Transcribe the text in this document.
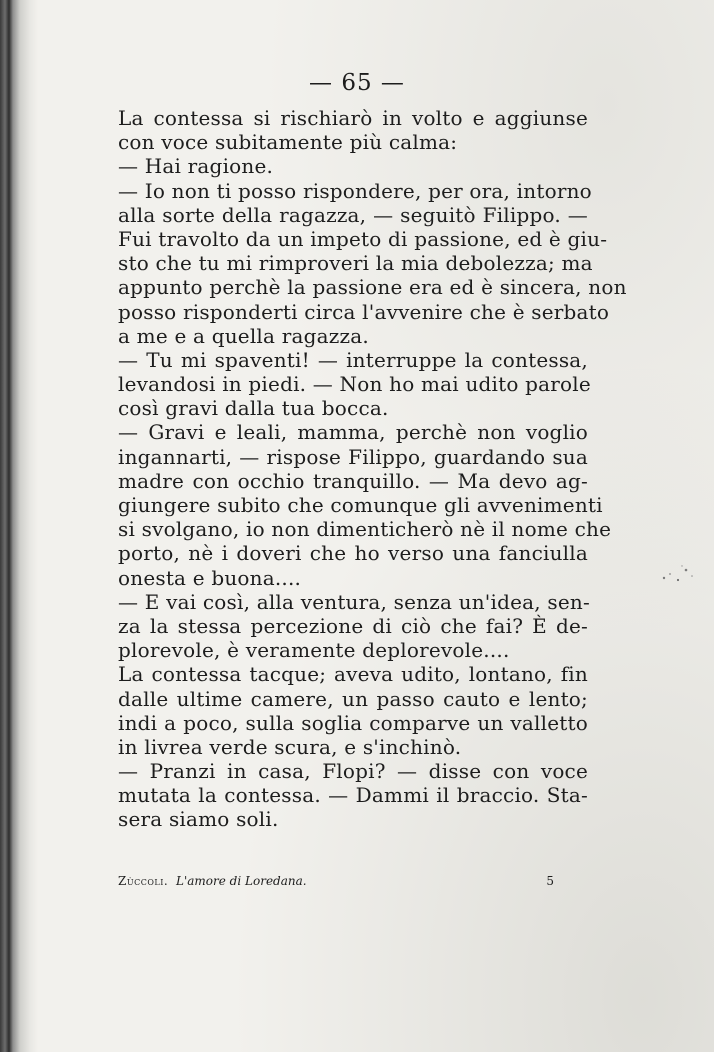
— 65 —
La contessa si rischiarò in volto e aggiunse
con voce subitamente più calma:
— Hai ragione.
— Io non ti posso rispondere, per ora, intorno
alla sorte della ragazza, — seguitò Filippo. —
Fui travolto da un impeto di passione, ed è giu-
sto che tu mi rimproveri la mia debolezza; ma
appunto perchè la passione era ed è sincera, non
posso risponderti circa l'avvenire che è serbato
a me e a quella ragazza.
— Tu mi spaventi! — interruppe la contessa,
levandosi in piedi. — Non ho mai udito parole
così gravi dalla tua bocca.
— Gravi e leali, mamma, perchè non voglio
ingannarti, — rispose Filippo, guardando sua
madre con occhio tranquillo. — Ma devo ag-
giungere subito che comunque gli avvenimenti
si svolgano, io non dimenticherò nè il nome che
porto, nè i doveri che ho verso una fanciulla
onesta e buona....
— E vai così, alla ventura, senza un'idea, sen-
za la stessa percezione di ciò che fai? È de-
plorevole, è veramente deplorevole....
La contessa tacque; aveva udito, lontano, fin
dalle ultime camere, un passo cauto e lento;
indi a poco, sulla soglia comparve un valletto
in livrea verde scura, e s'inchinò.
— Pranzi in casa, Flopi? — disse con voce
mutata la contessa. — Dammi il braccio. Sta-
sera siamo soli.
Zùccoli. L'amore di Loredana.	5
